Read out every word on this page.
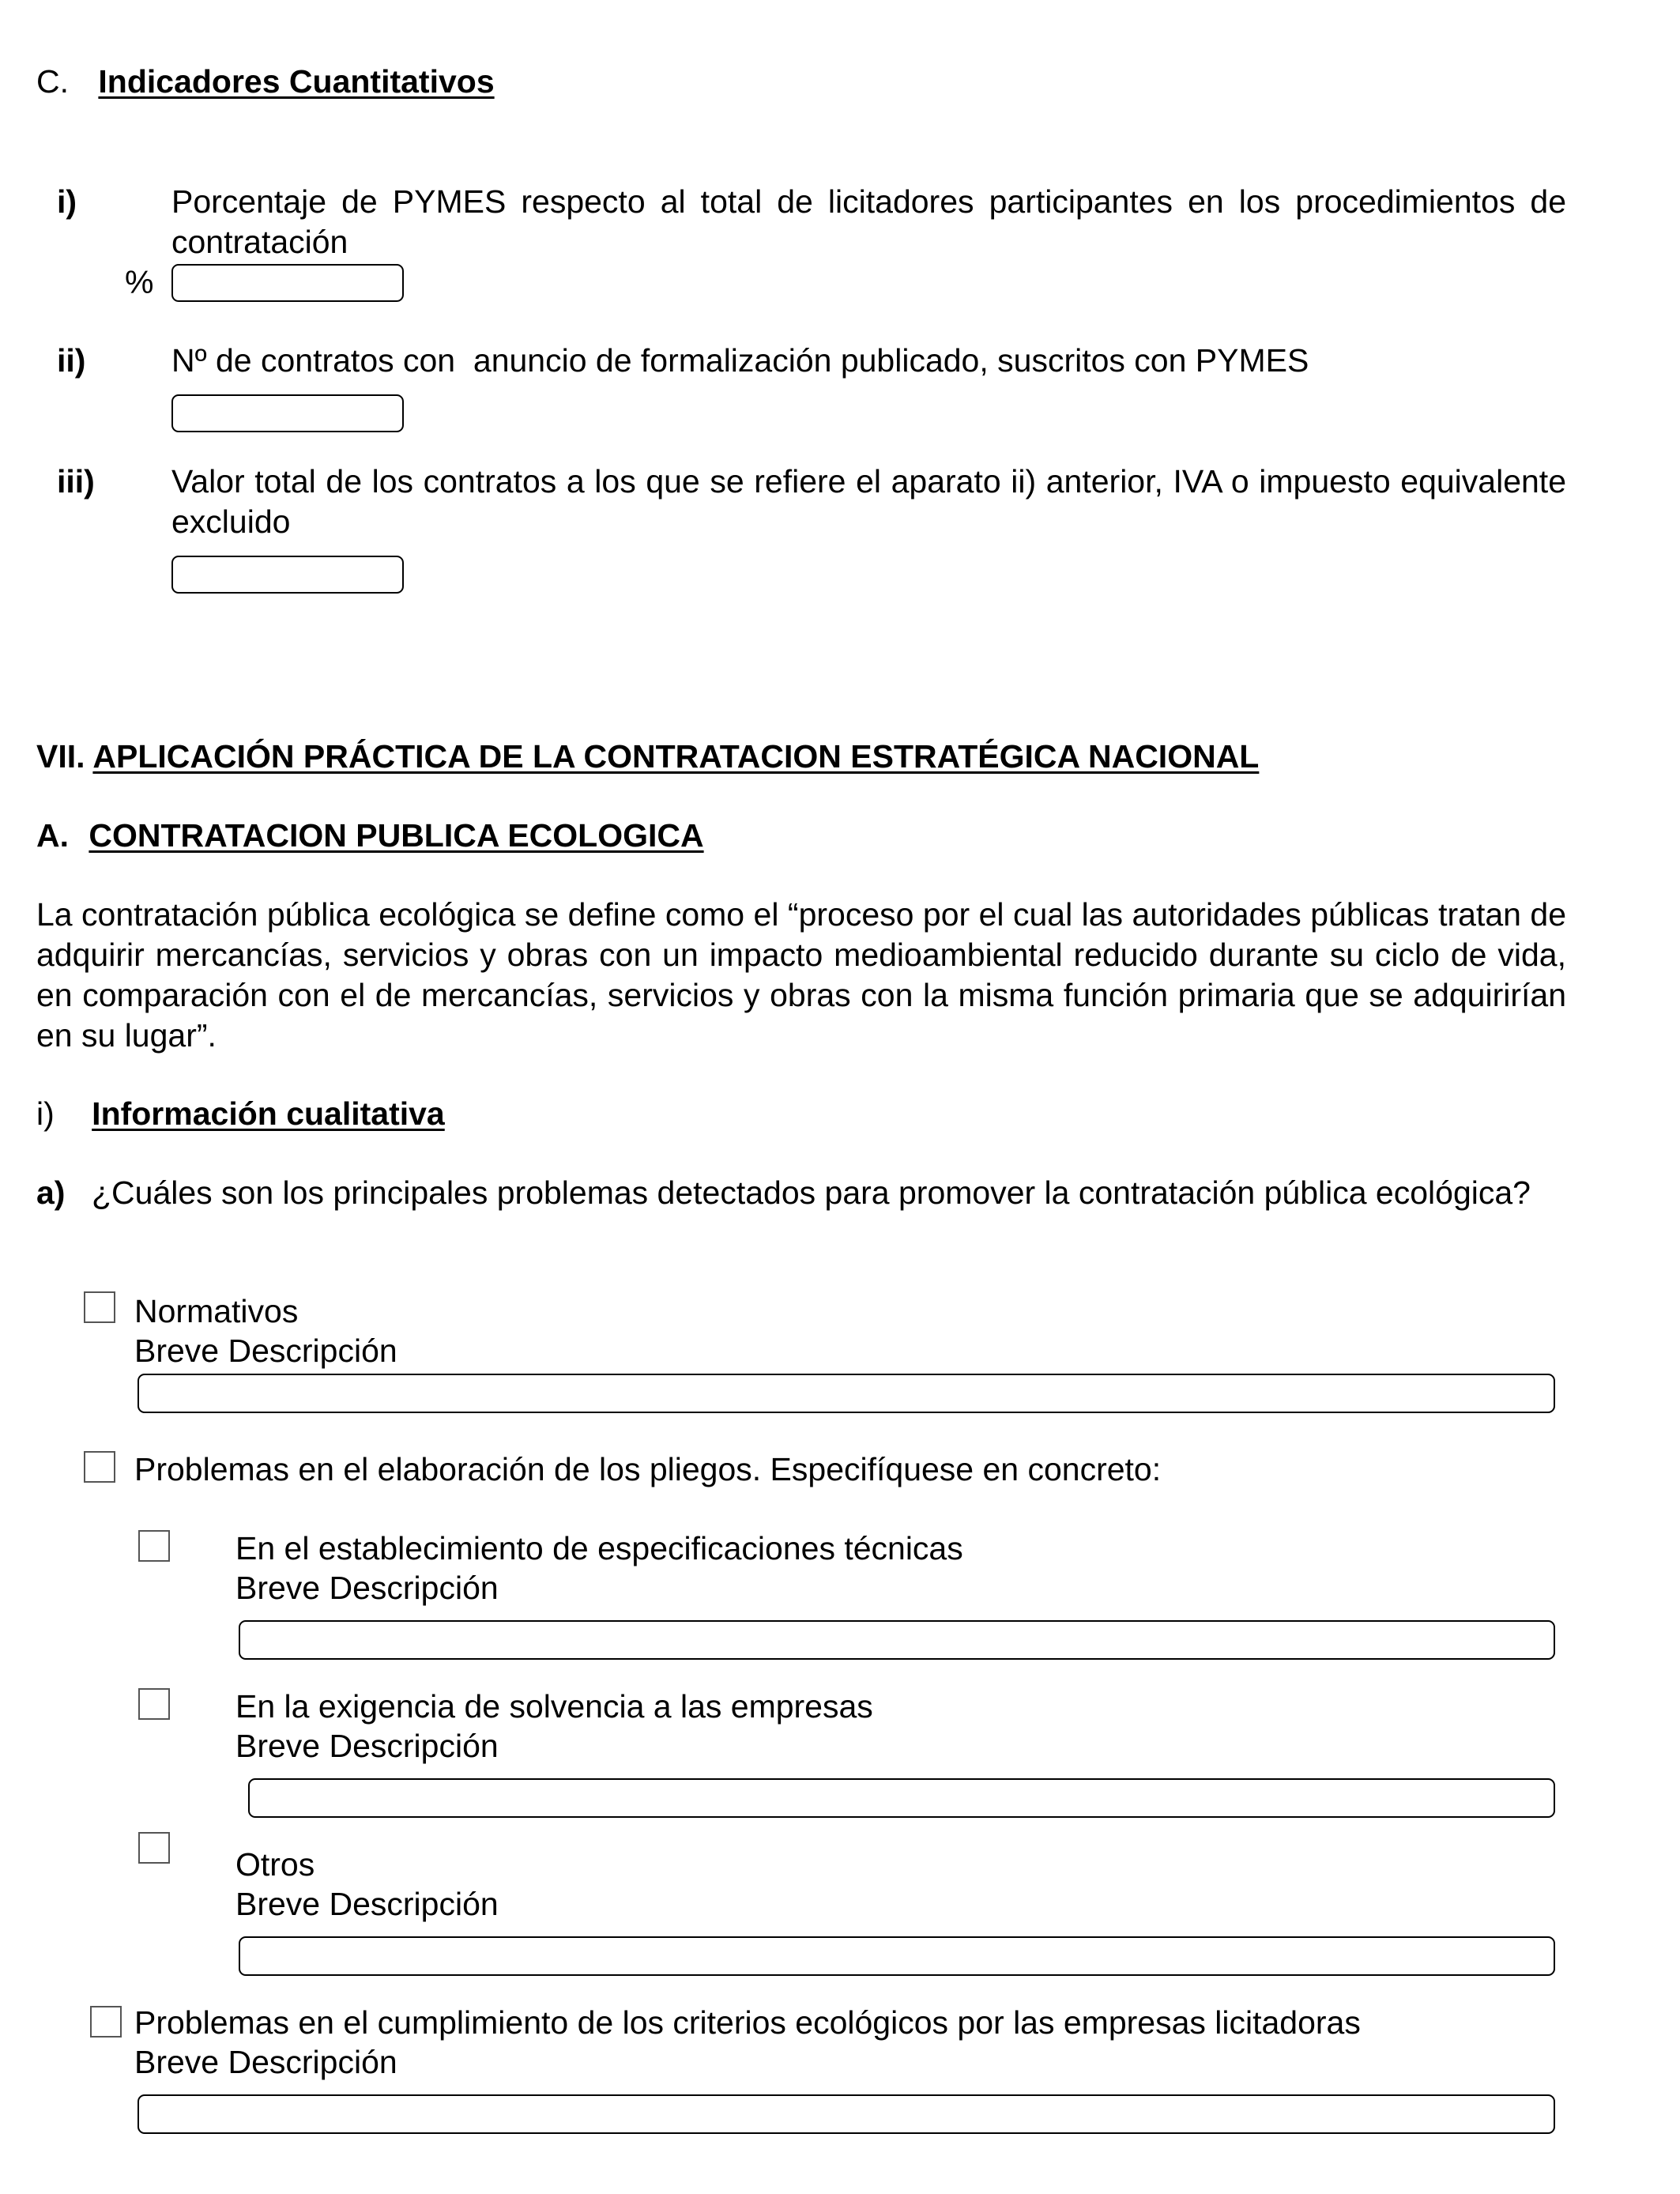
C. Indicadores Cuantitativos
i)	Porcentaje de PYMES respecto al total de licitadores participantes en los procedimientos de contratación
%
ii)	Nº de contratos con  anuncio de formalización publicado, suscritos con PYMES
iii) Valor total de los contratos a los que se refiere el aparato ii) anterior, IVA o impuesto equivalente excluido
VII. APLICACIÓN PRÁCTICA DE LA CONTRATACION ESTRATÉGICA NACIONAL
A. CONTRATACION PUBLICA ECOLOGICA
La contratación pública ecológica se define como el “proceso por el cual las autoridades públicas tratan de adquirir mercancías, servicios y obras con un impacto medioambiental reducido durante su ciclo de vida, en comparación con el de mercancías, servicios y obras con la misma función primaria que se adquirirían en su lugar”.
i) Información cualitativa
a) ¿Cuáles son los principales problemas detectados para promover la contratación pública ecológica?
Normativos
Breve Descripción
Problemas en el elaboración de los pliegos. Especifíquese en concreto:
En el establecimiento de especificaciones técnicas
Breve Descripción
En la exigencia de solvencia a las empresas
Breve Descripción
Otros
Breve Descripción
Problemas en el cumplimiento de los criterios ecológicos por las empresas licitadoras
Breve Descripción
